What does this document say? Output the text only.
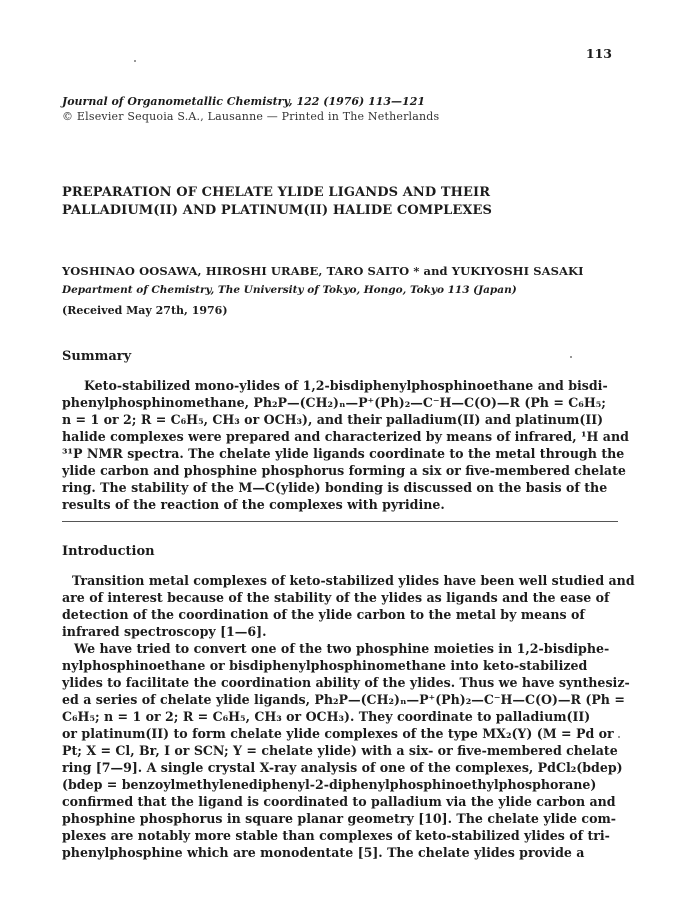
113
Journal of Organometallic Chemistry, 122 (1976) 113—121
© Elsevier Sequoia S.A., Lausanne — Printed in The Netherlands
PREPARATION OF CHELATE YLIDE LIGANDS AND THEIR
PALLADIUM(II) AND PLATINUM(II) HALIDE COMPLEXES
YOSHINAO OOSAWA, HIROSHI URABE, TARO SAITO * and YUKIYOSHI SASAKI
Department of Chemistry, The University of Tokyo, Hongo, Tokyo 113 (Japan)
(Received May 27th, 1976)
Summary
Keto-stabilized mono-ylides of 1,2-bisdiphenylphosphinoethane and bisdi-
phenylphosphinomethane, Ph₂P—(CH₂)ₙ—P⁺(Ph)₂—C⁻H—C(O)—R (Ph = C₆H₅;
n = 1 or 2; R = C₆H₅, CH₃ or OCH₃), and their palladium(II) and platinum(II)
halide complexes were prepared and characterized by means of infrared, ¹H and
³¹P NMR spectra. The chelate ylide ligands coordinate to the metal through the
ylide carbon and phosphine phosphorus forming a six or five-membered chelate
ring. The stability of the M—C(ylide) bonding is discussed on the basis of the
results of the reaction of the complexes with pyridine.
Introduction
Transition metal complexes of keto-stabilized ylides have been well studied and
are of interest because of the stability of the ylides as ligands and the ease of
detection of the coordination of the ylide carbon to the metal by means of
infrared spectroscopy [1—6].
We have tried to convert one of the two phosphine moieties in 1,2-bisdiphe-
nylphosphinoethane or bisdiphenylphosphinomethane into keto-stabilized
ylides to facilitate the coordination ability of the ylides. Thus we have synthesiz-
ed a series of chelate ylide ligands, Ph₂P—(CH₂)ₙ—P⁺(Ph)₂—C⁻H—C(O)—R (Ph =
C₆H₅; n = 1 or 2; R = C₆H₅, CH₃ or OCH₃). They coordinate to palladium(II)
or platinum(II) to form chelate ylide complexes of the type MX₂(Y) (M = Pd or
Pt; X = Cl, Br, I or SCN; Y = chelate ylide) with a six- or five-membered chelate
ring [7—9]. A single crystal X-ray analysis of one of the complexes, PdCl₂(bdep)
(bdep = benzoylmethylenediphenyl-2-diphenylphosphinoethylphosphorane)
confirmed that the ligand is coordinated to palladium via the ylide carbon and
phosphine phosphorus in square planar geometry [10]. The chelate ylide com-
plexes are notably more stable than complexes of keto-stabilized ylides of tri-
phenylphosphine which are monodentate [5]. The chelate ylides provide a
